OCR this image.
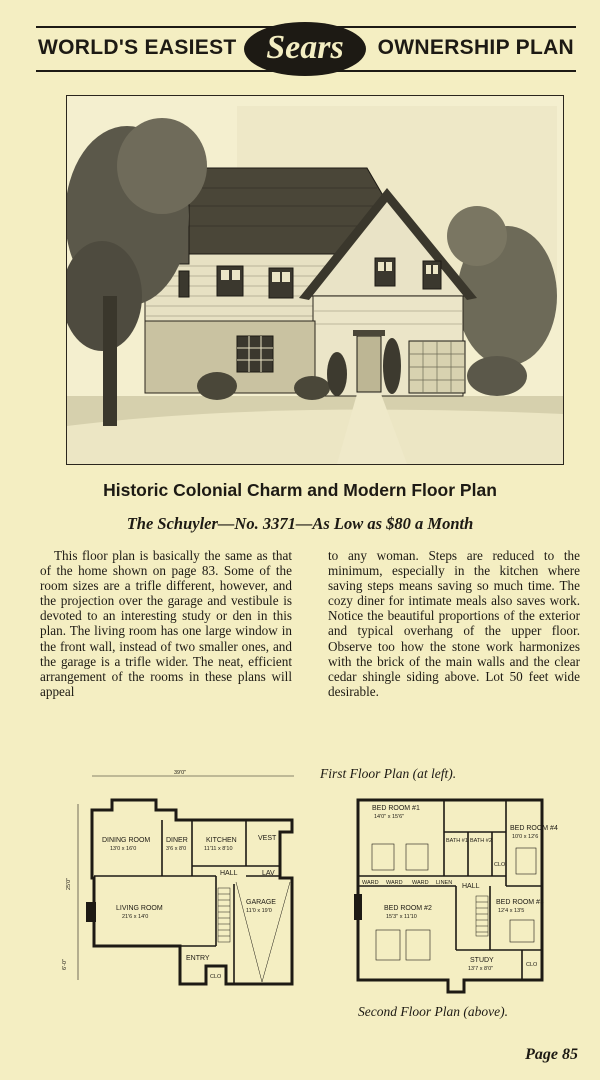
WORLD'S EASIEST Sears	OWNERSHIP PLAN
Historic Colonial Charm and Modern Floor Plan
The Schuyler—No. 3371—As Low as $80 a Month
This floor plan is basically the same as that of the home shown on page 83. Some of the room sizes are a trifle different, however, and the projection over the garage and vestibule is devoted to an interesting study or den in this plan. The living room has one large window in the front wall, instead of two smaller ones, and the garage is a trifle wider. The neat, efficient arrangement of the rooms in these plans will appeal
to any woman. Steps are reduced to the minimum, especially in the kitchen where saving steps means saving so much time. The cozy diner for intimate meals also saves work. Notice the beautiful proportions of the exterior and typical overhang of the upper floor. Observe too how the stone work harmonizes with the brick of the main walls and the clear cedar shingle siding above. Lot 50 feet wide desirable.
First Floor Plan (at left).
39'0"
25'0"
6'-0"
DINING ROOM
13'0 x 16'0
DINER
3'6 x 8'0
KITCHEN
11'11 x 8'10
VEST
HALL	LAV
LIVING ROOM
21'6 x 14'0
GARAGE
11'0 x 19'0
ENTRY
CLO
BED ROOM #1
14'0" x 15'6"
BATH #1 BATH #2
CLO
BED ROOM #4
10'0 x 12'6
WARD WARD WARD LINEN HALL
BED ROOM #3
12'4 x 13'5
BED ROOM #2
15'3" x 11'10
STUDY
13'7 x 8'0"
CLO
Second Floor Plan (above).
Page 85
